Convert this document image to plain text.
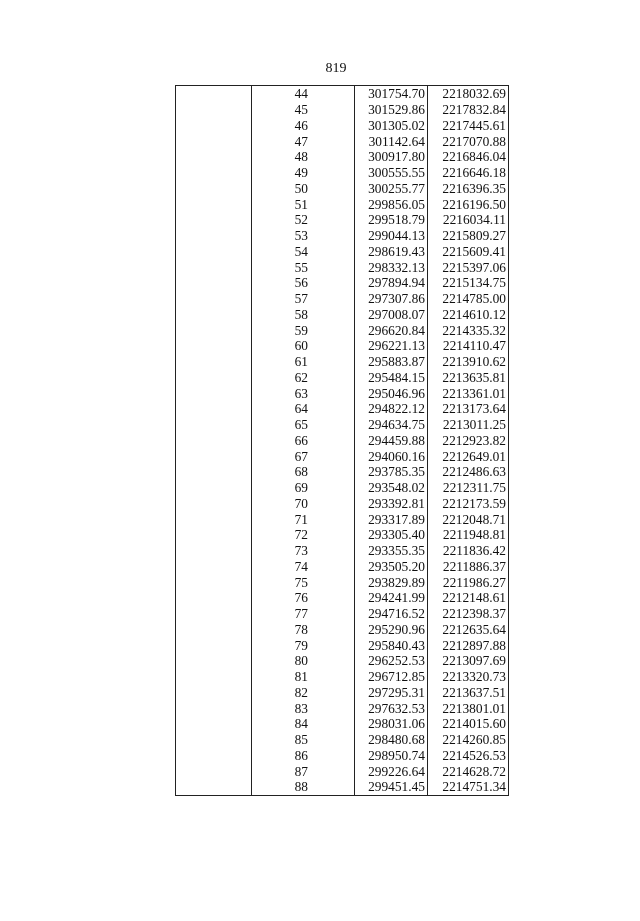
819
	44		301754.70	2218032.69
	45		301529.86	2217832.84
	46		301305.02	2217445.61
	47		301142.64	2217070.88
	48		300917.80	2216846.04
	49		300555.55	2216646.18
	50		300255.77	2216396.35
	51		299856.05	2216196.50
	52		299518.79	2216034.11
	53		299044.13	2215809.27
	54		298619.43	2215609.41
	55		298332.13	2215397.06
	56		297894.94	2215134.75
	57		297307.86	2214785.00
	58		297008.07	2214610.12
	59		296620.84	2214335.32
	60		296221.13	2214110.47
	61		295883.87	2213910.62
	62		295484.15	2213635.81
	63		295046.96	2213361.01
	64		294822.12	2213173.64
	65		294634.75	2213011.25
	66		294459.88	2212923.82
	67		294060.16	2212649.01
	68		293785.35	2212486.63
	69		293548.02	2212311.75
	70		293392.81	2212173.59
	71		293317.89	2212048.71
	72		293305.40	2211948.81
	73		293355.35	2211836.42
	74		293505.20	2211886.37
	75		293829.89	2211986.27
	76		294241.99	2212148.61
	77		294716.52	2212398.37
	78		295290.96	2212635.64
	79		295840.43	2212897.88
	80		296252.53	2213097.69
	81		296712.85	2213320.73
	82		297295.31	2213637.51
	83		297632.53	2213801.01
	84		298031.06	2214015.60
	85		298480.68	2214260.85
	86		298950.74	2214526.53
	87		299226.64	2214628.72
	88		299451.45	2214751.34
